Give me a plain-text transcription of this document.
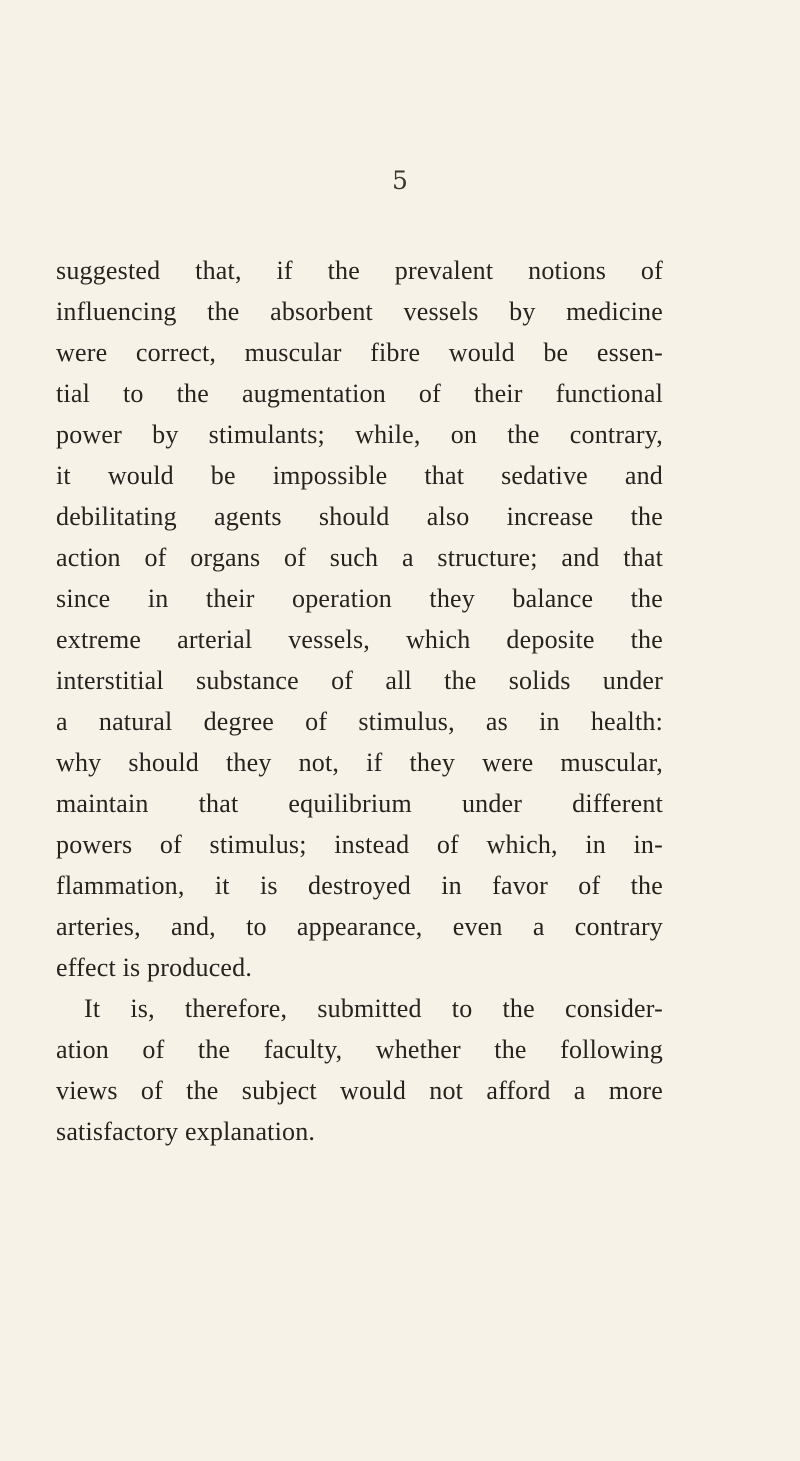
5
suggested that, if the prevalent notions of
influencing the absorbent vessels by medicine
were correct, muscular fibre would be essen-
tial to the augmentation of their functional
power by stimulants; while, on the contrary,
it would be impossible that sedative and
debilitating agents should also increase the
action of organs of such a structure; and that
since in their operation they balance the
extreme arterial vessels, which deposite the
interstitial substance of all the solids under
a natural degree of stimulus, as in health:
why should they not, if they were muscular,
maintain that equilibrium under different
powers of stimulus; instead of which, in in-
flammation, it is destroyed in favor of the
arteries, and, to appearance, even a contrary
effect is produced.
It is, therefore, submitted to the consider-
ation of the faculty, whether the following
views of the subject would not afford a more
satisfactory explanation.
